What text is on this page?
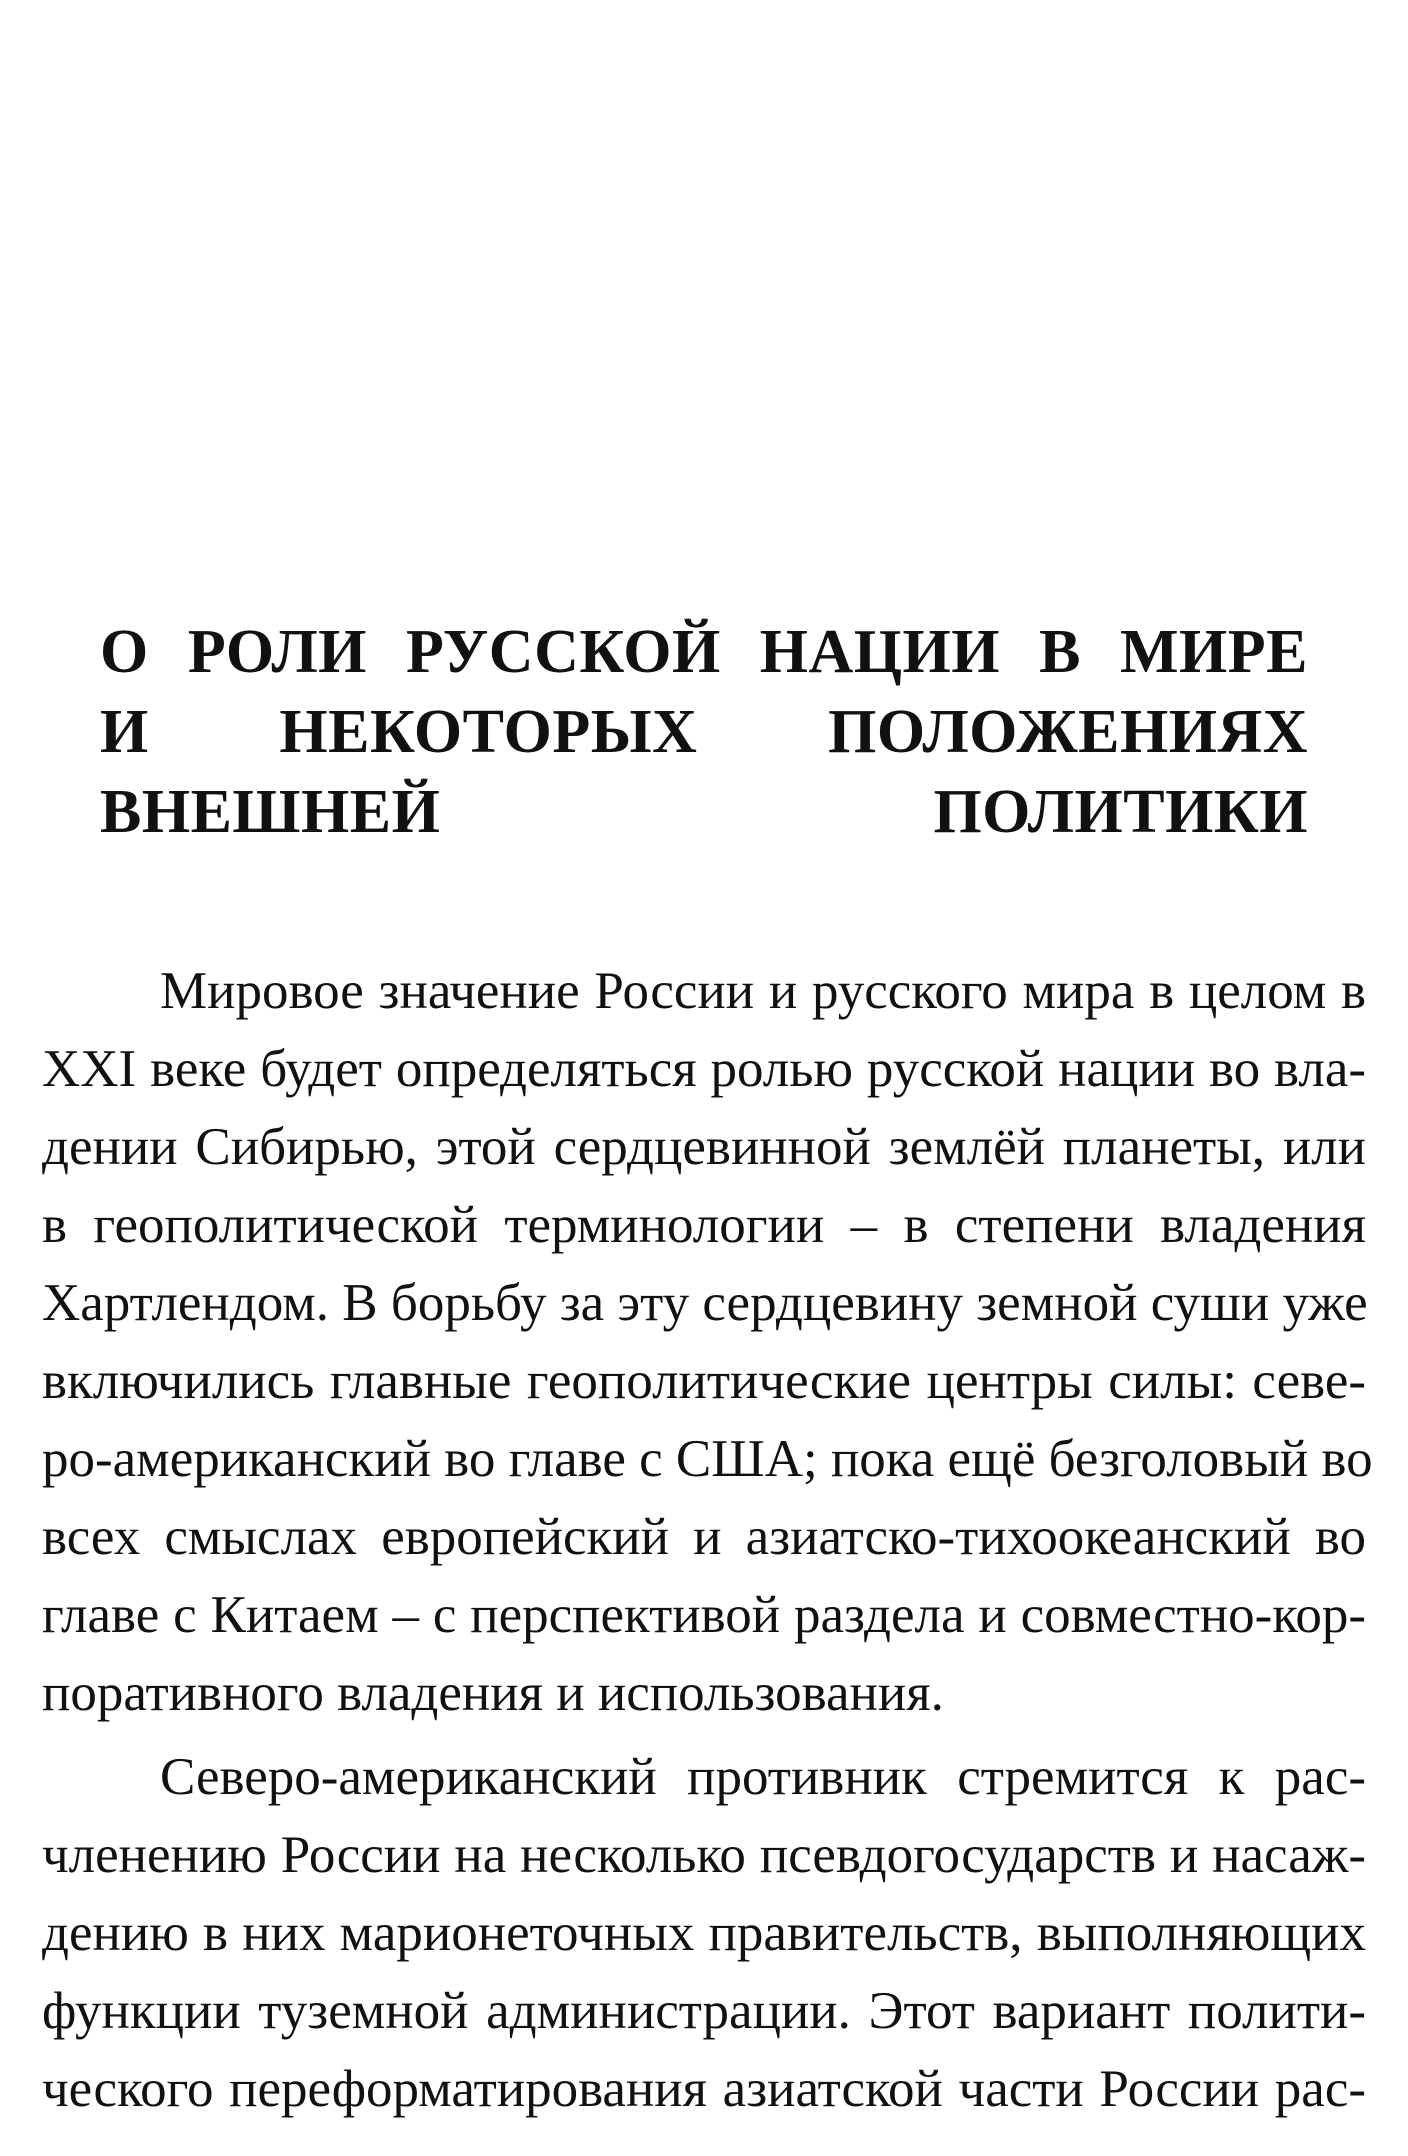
О РОЛИ РУССКОЙ НАЦИИ В МИРЕ
И НЕКОТОРЫХ ПОЛОЖЕНИЯХ
ВНЕШНЕЙ ПОЛИТИКИ

Мировое значение России и русского мира в целом в
XXI веке будет определяться ролью русской нации во вла-
дении Сибирью, этой сердцевинной землёй планеты, или
в геополитической терминологии – в степени владения
Хартлендом. В борьбу за эту сердцевину земной суши уже
включились главные геополитические центры силы: севе-
ро-американский во главе с США; пока ещё безголовый во
всех смыслах европейский и азиатско-тихоокеанский во
главе с Китаем – с перспективой раздела и совместно-кор-
поративного владения и использования.

Северо-американский противник стремится к рас-
членению России на несколько псевдогосударств и насаж-
дению в них марионеточных правительств, выполняющих
функции туземной администрации. Этот вариант полити-
ческого переформатирования азиатской части России рас-
